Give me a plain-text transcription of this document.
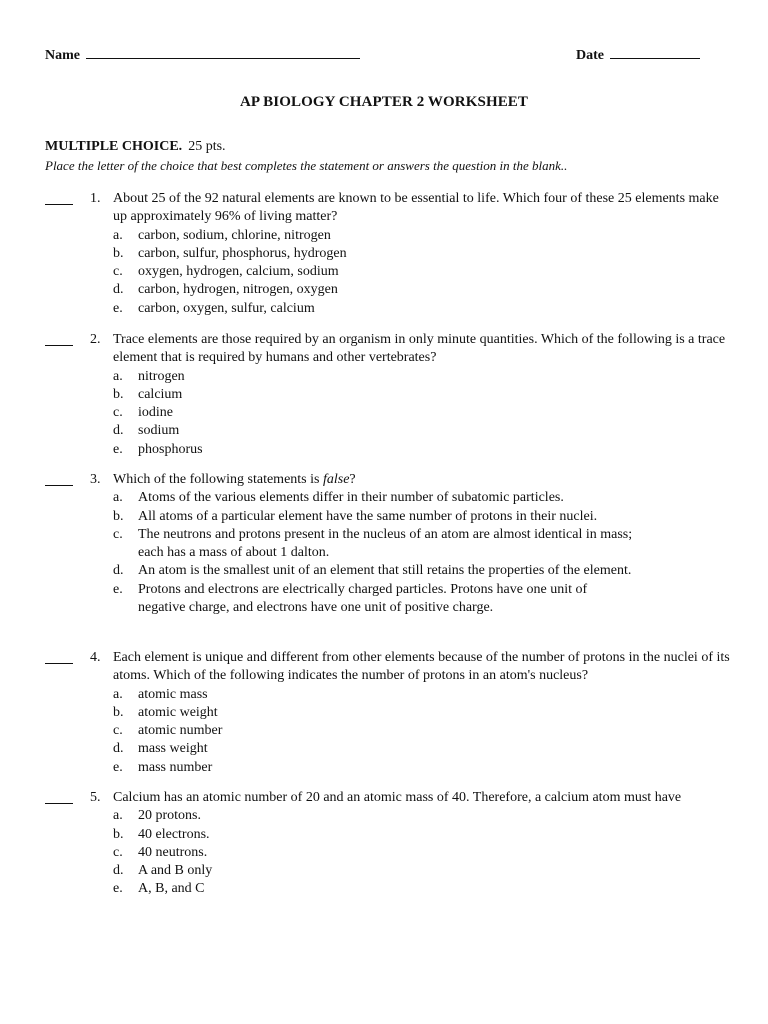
Name	Date
AP BIOLOGY CHAPTER 2 WORKSHEET
MULTIPLE CHOICE. 25 pts.
Place the letter of the choice that best completes the statement or answers the question in the blank..
1. About 25 of the 92 natural elements are known to be essential to life. Which four of these 25 elements make up approximately 96% of living matter?
a. carbon, sodium, chlorine, nitrogen
b. carbon, sulfur, phosphorus, hydrogen
c. oxygen, hydrogen, calcium, sodium
d. carbon, hydrogen, nitrogen, oxygen
e. carbon, oxygen, sulfur, calcium
2. Trace elements are those required by an organism in only minute quantities. Which of the following is a trace element that is required by humans and other vertebrates?
a. nitrogen
b. calcium
c. iodine
d. sodium
e. phosphorus
3. Which of the following statements is false?
a. Atoms of the various elements differ in their number of subatomic particles.
b. All atoms of a particular element have the same number of protons in their nuclei.
c. The neutrons and protons present in the nucleus of an atom are almost identical in mass; each has a mass of about 1 dalton.
d. An atom is the smallest unit of an element that still retains the properties of the element.
e. Protons and electrons are electrically charged particles. Protons have one unit of negative charge, and electrons have one unit of positive charge.
4. Each element is unique and different from other elements because of the number of protons in the nuclei of its atoms. Which of the following indicates the number of protons in an atom's nucleus?
a. atomic mass
b. atomic weight
c. atomic number
d. mass weight
e. mass number
5. Calcium has an atomic number of 20 and an atomic mass of 40. Therefore, a calcium atom must have
a. 20 protons.
b. 40 electrons.
c. 40 neutrons.
d. A and B only
e. A, B, and C
